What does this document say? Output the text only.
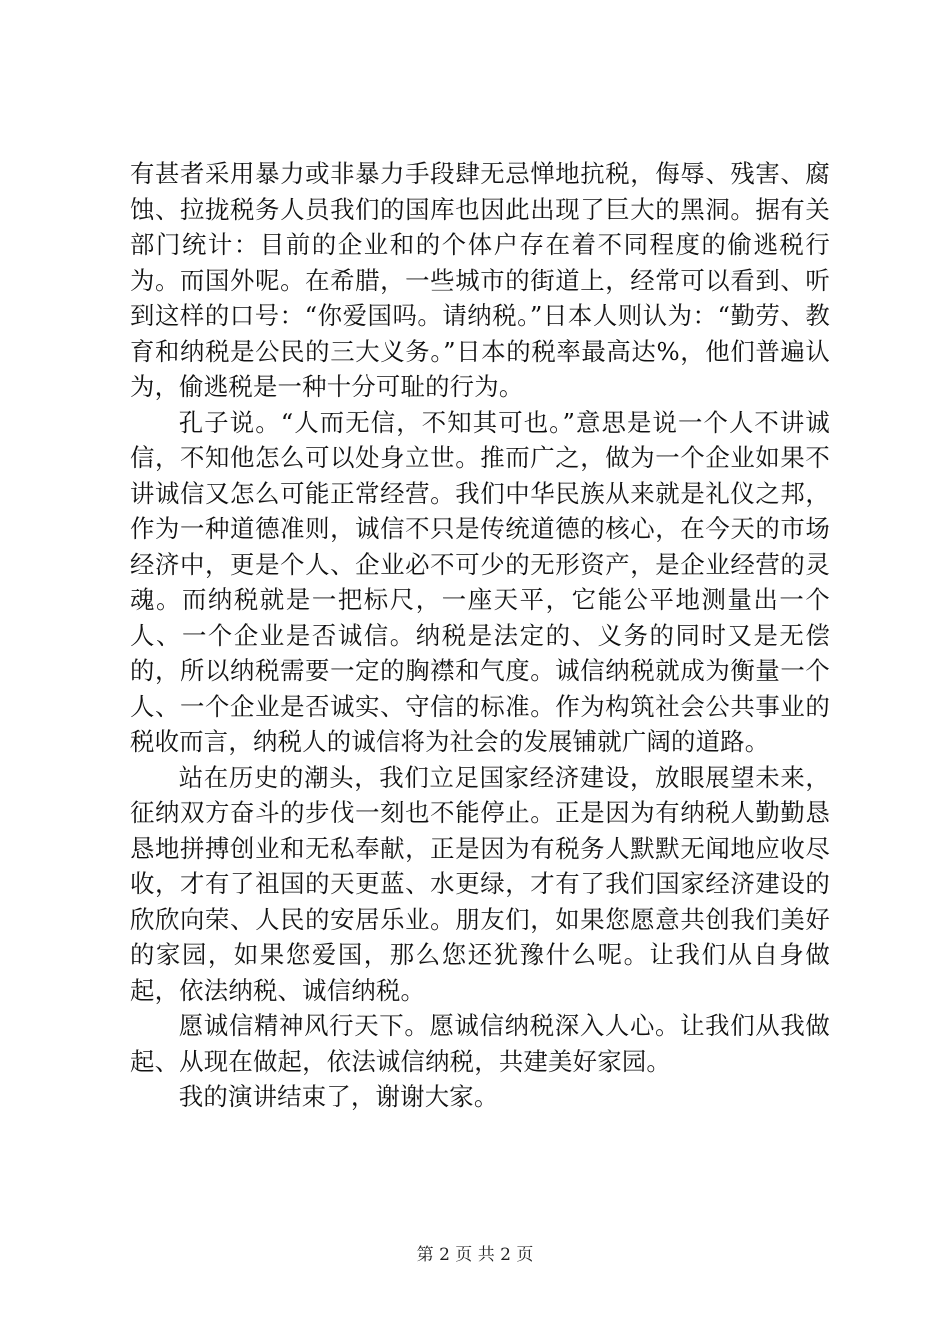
有甚者采用暴力或非暴力手段肆无忌惮地抗税，侮辱、残害、腐蚀、拉拢税务人员我们的国库也因此出现了巨大的黑洞。据有关部门统计：目前的企业和的个体户存在着不同程度的偷逃税行为。而国外呢。在希腊，一些城市的街道上，经常可以看到、听到这样的口号：“你爱国吗。请纳税。”日本人则认为：“勤劳、教育和纳税是公民的三大义务。”日本的税率最高达%，他们普遍认为，偷逃税是一种十分可耻的行为。

孔子说。“人而无信，不知其可也。”意思是说一个人不讲诚信，不知他怎么可以处身立世。推而广之，做为一个企业如果不讲诚信又怎么可能正常经营。我们中华民族从来就是礼仪之邦，作为一种道德准则，诚信不只是传统道德的核心，在今天的市场经济中，更是个人、企业必不可少的无形资产，是企业经营的灵魂。而纳税就是一把标尺，一座天平，它能公平地测量出一个人、一个企业是否诚信。纳税是法定的、义务的同时又是无偿的，所以纳税需要一定的胸襟和气度。诚信纳税就成为衡量一个人、一个企业是否诚实、守信的标准。作为构筑社会公共事业的税收而言，纳税人的诚信将为社会的发展铺就广阔的道路。

站在历史的潮头，我们立足国家经济建设，放眼展望未来，征纳双方奋斗的步伐一刻也不能停止。正是因为有纳税人勤勤恳恳地拼搏创业和无私奉献，正是因为有税务人默默无闻地应收尽收，才有了祖国的天更蓝、水更绿，才有了我们国家经济建设的欣欣向荣、人民的安居乐业。朋友们，如果您愿意共创我们美好的家园，如果您爱国，那么您还犹豫什么呢。让我们从自身做起，依法纳税、诚信纳税。

愿诚信精神风行天下。愿诚信纳税深入人心。让我们从我做起、从现在做起，依法诚信纳税，共建美好家园。

我的演讲结束了，谢谢大家。

第 2 页 共 2 页
